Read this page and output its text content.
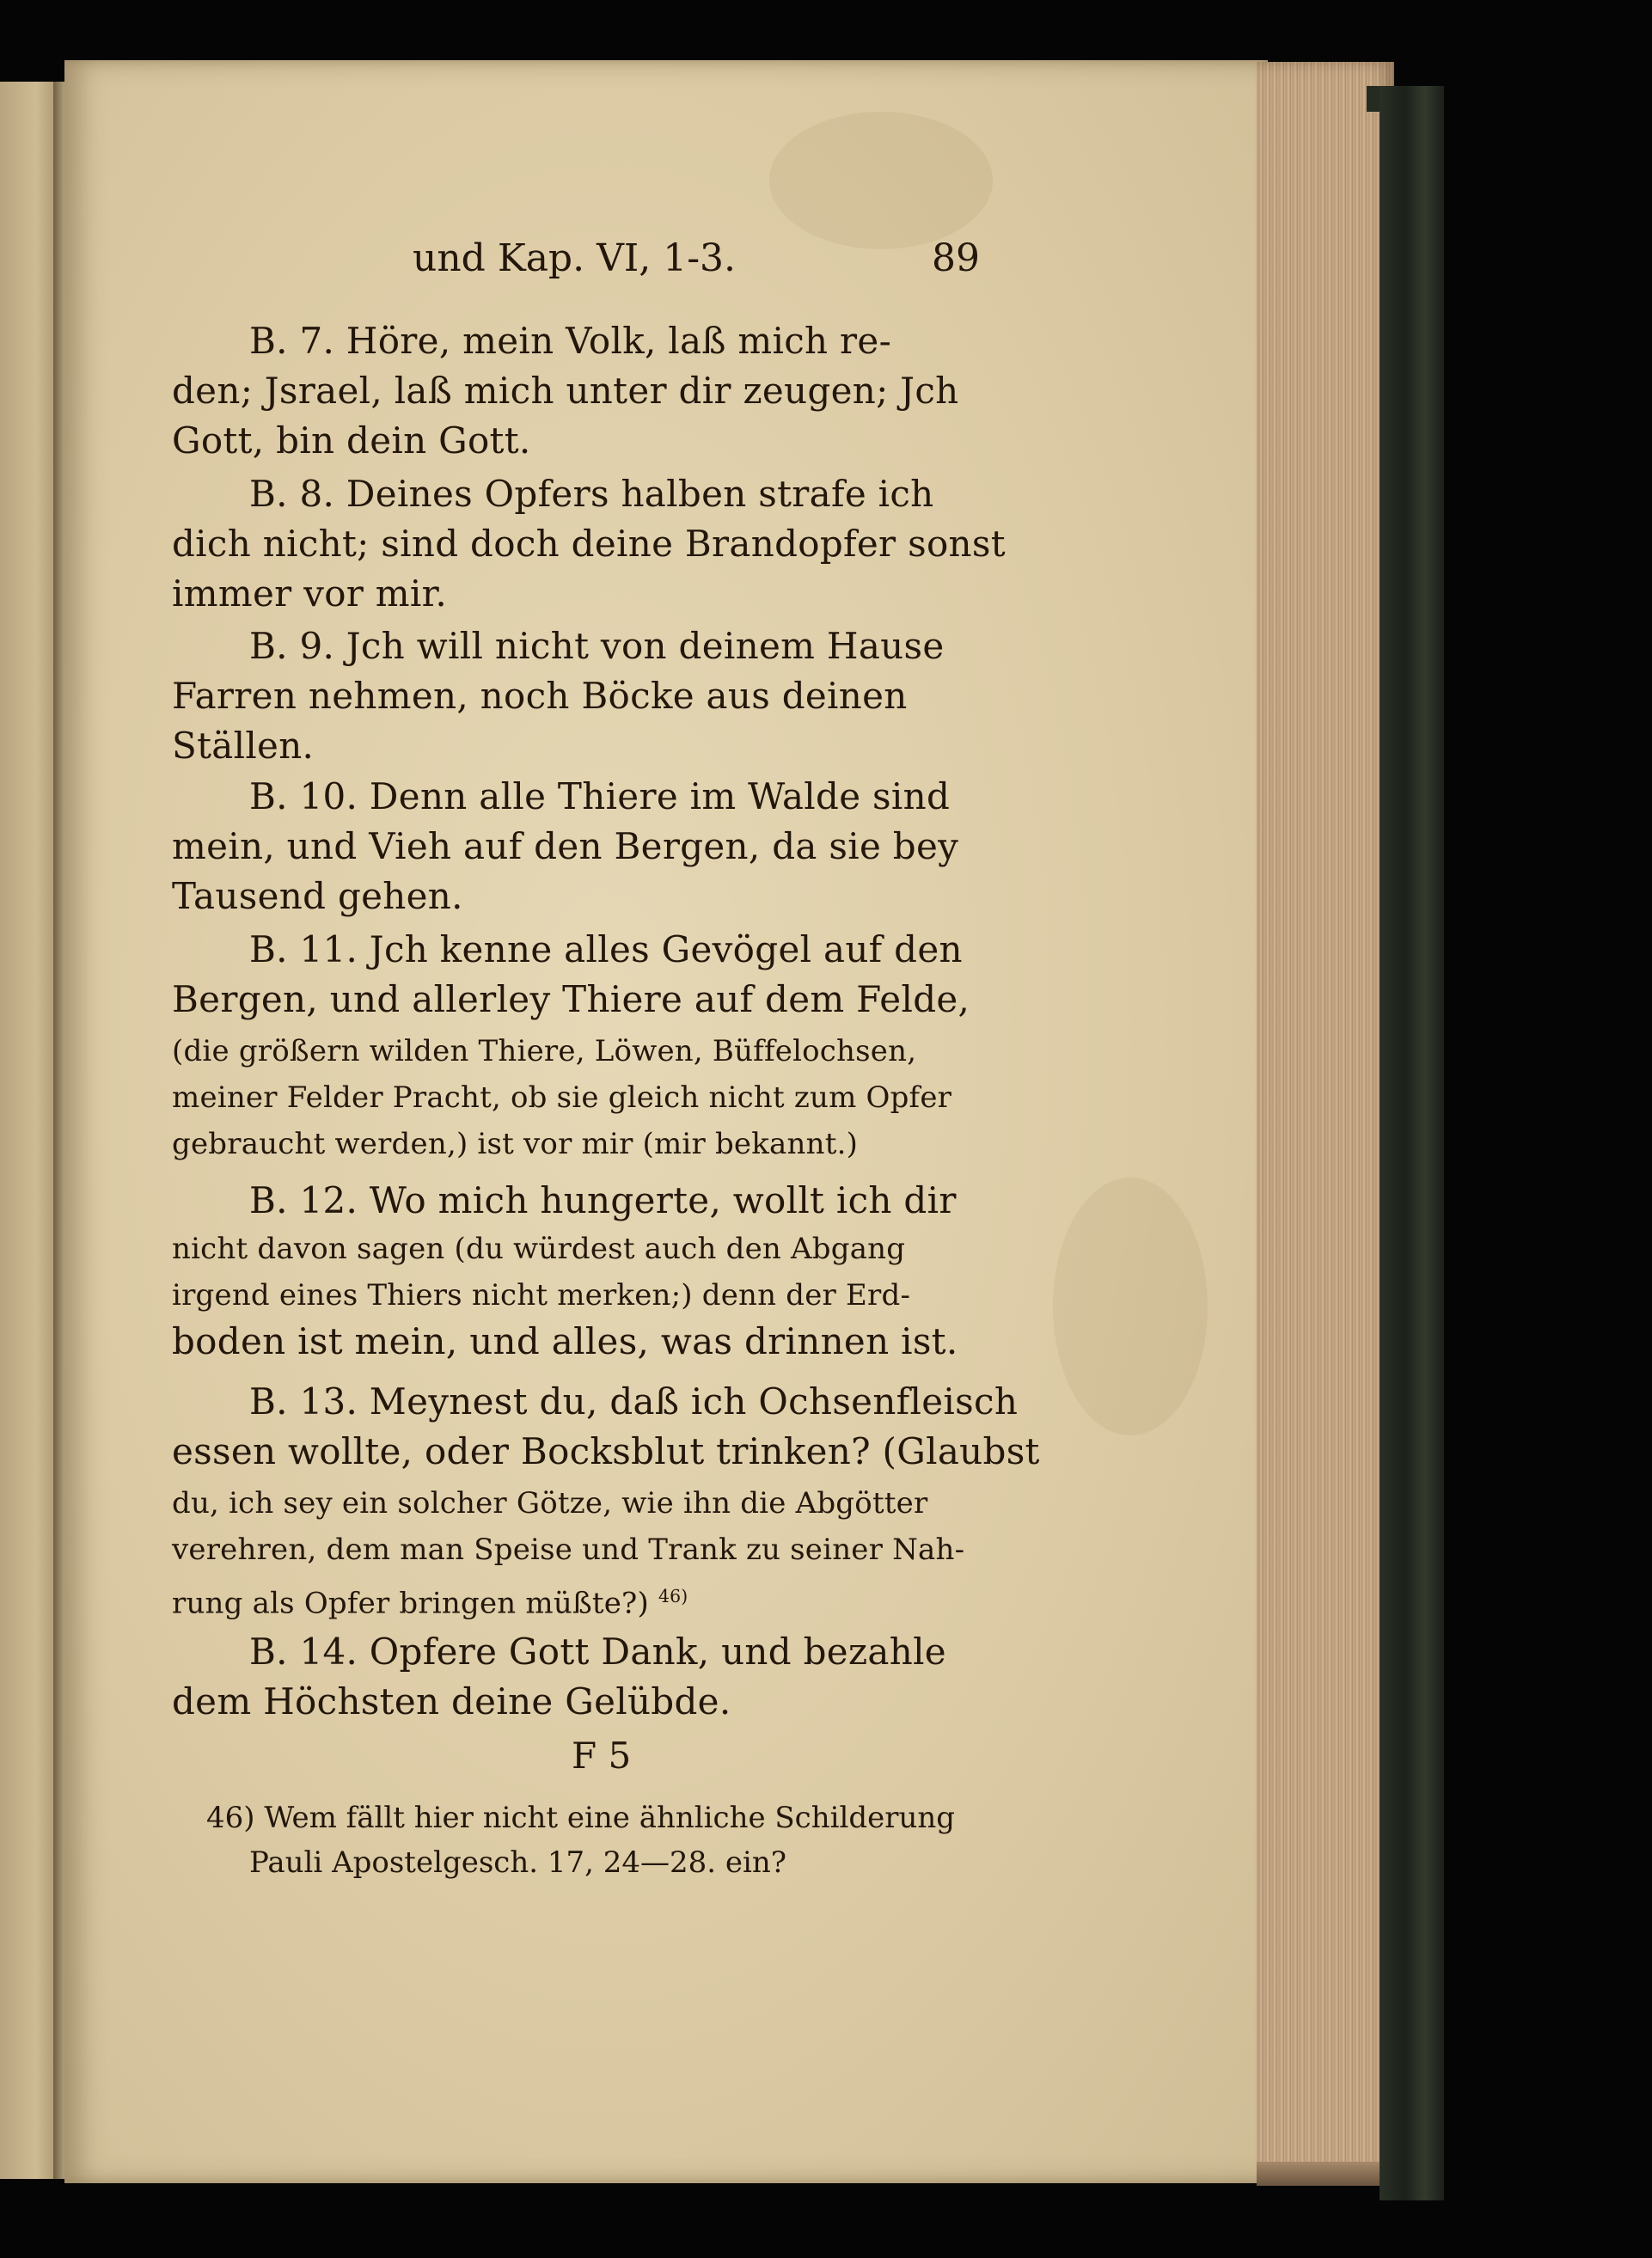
und Kap. VI, 1-3.	89
B. 7. Höre, mein Volk, laß mich re-
den; Jsrael, laß mich unter dir zeugen; Jch
Gott, bin dein Gott.
B. 8. Deines Opfers halben strafe ich
dich nicht; sind doch deine Brandopfer sonst
immer vor mir.
B. 9. Jch will nicht von deinem Hause
Farren nehmen, noch Böcke aus deinen
Ställen.
B. 10. Denn alle Thiere im Walde sind
mein, und Vieh auf den Bergen, da sie bey
Tausend gehen.
B. 11. Jch kenne alles Gevögel auf den
Bergen, und allerley Thiere auf dem Felde,
(die größern wilden Thiere, Löwen, Büffelochsen,
meiner Felder Pracht, ob sie gleich nicht zum Opfer
gebraucht werden,) ist vor mir (mir bekannt.)
B. 12. Wo mich hungerte, wollt ich dir
nicht davon sagen (du würdest auch den Abgang
irgend eines Thiers nicht merken;) denn der Erd-
boden ist mein, und alles, was drinnen ist.
B. 13. Meynest du, daß ich Ochsenfleisch
essen wollte, oder Bocksblut trinken? (Glaubst
du, ich sey ein solcher Götze, wie ihn die Abgötter
verehren, dem man Speise und Trank zu seiner Nah-
rung als Opfer bringen müßte?) $^{46)}$
B. 14. Opfere Gott Dank, und bezahle
dem Höchsten deine Gelübde.
F 5
46) Wem fällt hier nicht eine ähnliche Schilderung
Pauli Apostelgesch. 17, 24—28. ein?
